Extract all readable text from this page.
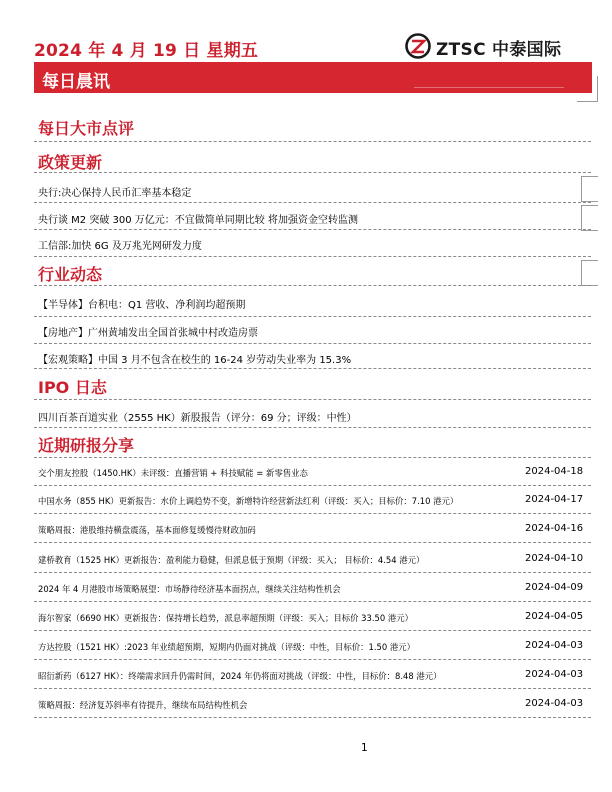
2024 年 4 月 19 日 星期五	ZTSC 中泰国际
每日晨讯
每日大市点评
政策更新
央行:决心保持人民币汇率基本稳定
央行谈 M2 突破 300 万亿元：不宜做简单同期比较 将加强资金空转监测
工信部:加快 6G 及万兆光网研发力度
行业动态
【半导体】台积电：Q1 营收、净利润均超预期
【房地产】广州黄埔发出全国首张城中村改造房票
【宏观策略】中国 3 月不包含在校生的 16-24 岁劳动失业率为 15.3%
IPO 日志
四川百茶百道实业（2555 HK）新股报告（评分：69 分；评级：中性）
近期研报分享
交个朋友控股（1450.HK）未评级：直播营销 + 科技赋能 = 新零售业态	2024-04-18
中国水务（855 HK）更新报告：水价上调趋势不变，新增特许经营新法红利（评级：买入；目标价：7.10 港元）	2024-04-17
策略周报：港股维持横盘震荡，基本面修复缓慢待财政加码	2024-04-16
建桥教育（1525 HK）更新报告：盈利能力稳健，但派息低于预期（评级：买入； 目标价：4.54 港元）	2024-04-10
2024 年 4 月港股市场策略展望：市场静待经济基本面拐点，继续关注结构性机会	2024-04-09
海尔智家（6690 HK）更新报告：保持增长趋势，派息率超预期（评级：买入；目标价 33.50 港元）	2024-04-05
方达控股（1521 HK）:2023 年业绩超预期，短期内仍面对挑战（评级：中性，目标价：1.50 港元）	2024-04-03
昭衍新药（6127 HK）：终端需求回升仍需时间，2024 年仍将面对挑战（评级：中性，目标价：8.48 港元）	2024-04-03
策略周报：经济复苏斜率有待提升，继续布局结构性机会	2024-04-03
1
